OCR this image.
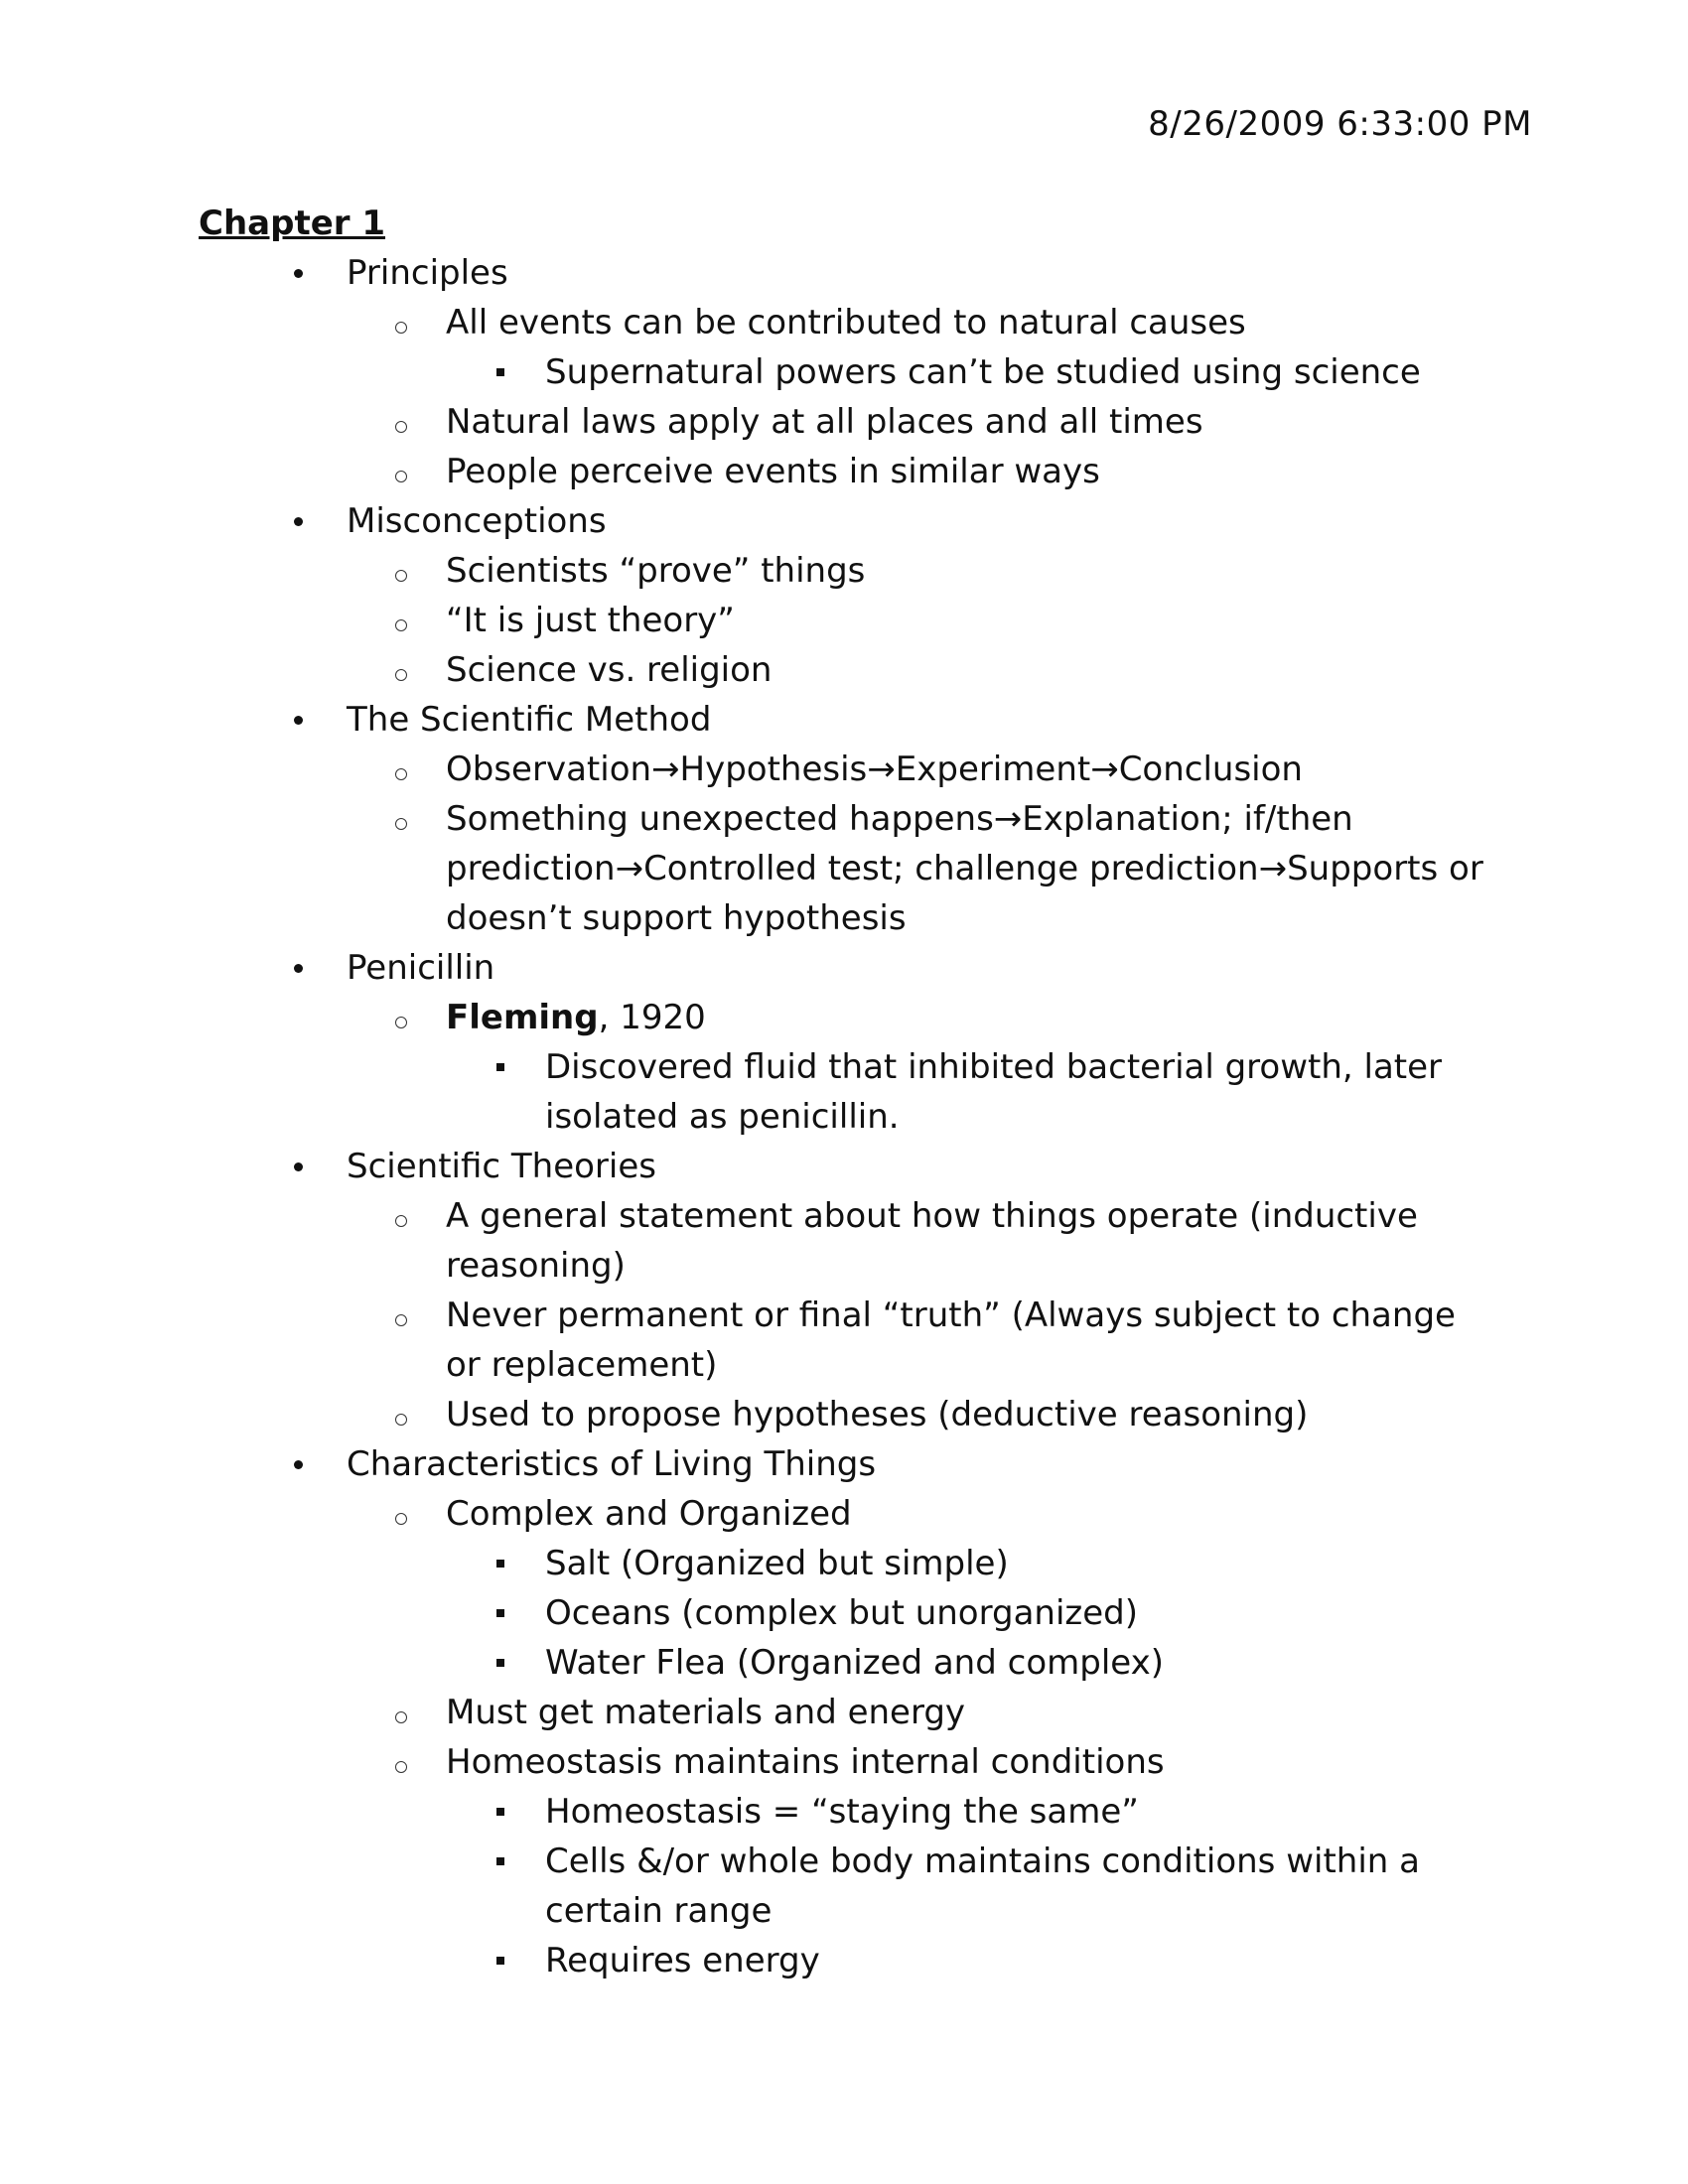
8/26/2009 6:33:00 PM
Chapter 1
Principles
All events can be contributed to natural causes
Supernatural powers can’t be studied using science
Natural laws apply at all places and all times
People perceive events in similar ways
Misconceptions
Scientists “prove” things
“It is just theory”
Science vs. religion
The Scientific Method
Observation→Hypothesis→Experiment→Conclusion
Something unexpected happens→Explanation; if/then prediction→Controlled test; challenge prediction→Supports or doesn’t support hypothesis
Penicillin
Fleming, 1920
Discovered fluid that inhibited bacterial growth, later isolated as penicillin.
Scientific Theories
A general statement about how things operate (inductive reasoning)
Never permanent or final “truth” (Always subject to change or replacement)
Used to propose hypotheses (deductive reasoning)
Characteristics of Living Things
Complex and Organized
Salt (Organized but simple)
Oceans (complex but unorganized)
Water Flea (Organized and complex)
Must get materials and energy
Homeostasis maintains internal conditions
Homeostasis = “staying the same”
Cells &/or whole body maintains conditions within a certain range
Requires energy
